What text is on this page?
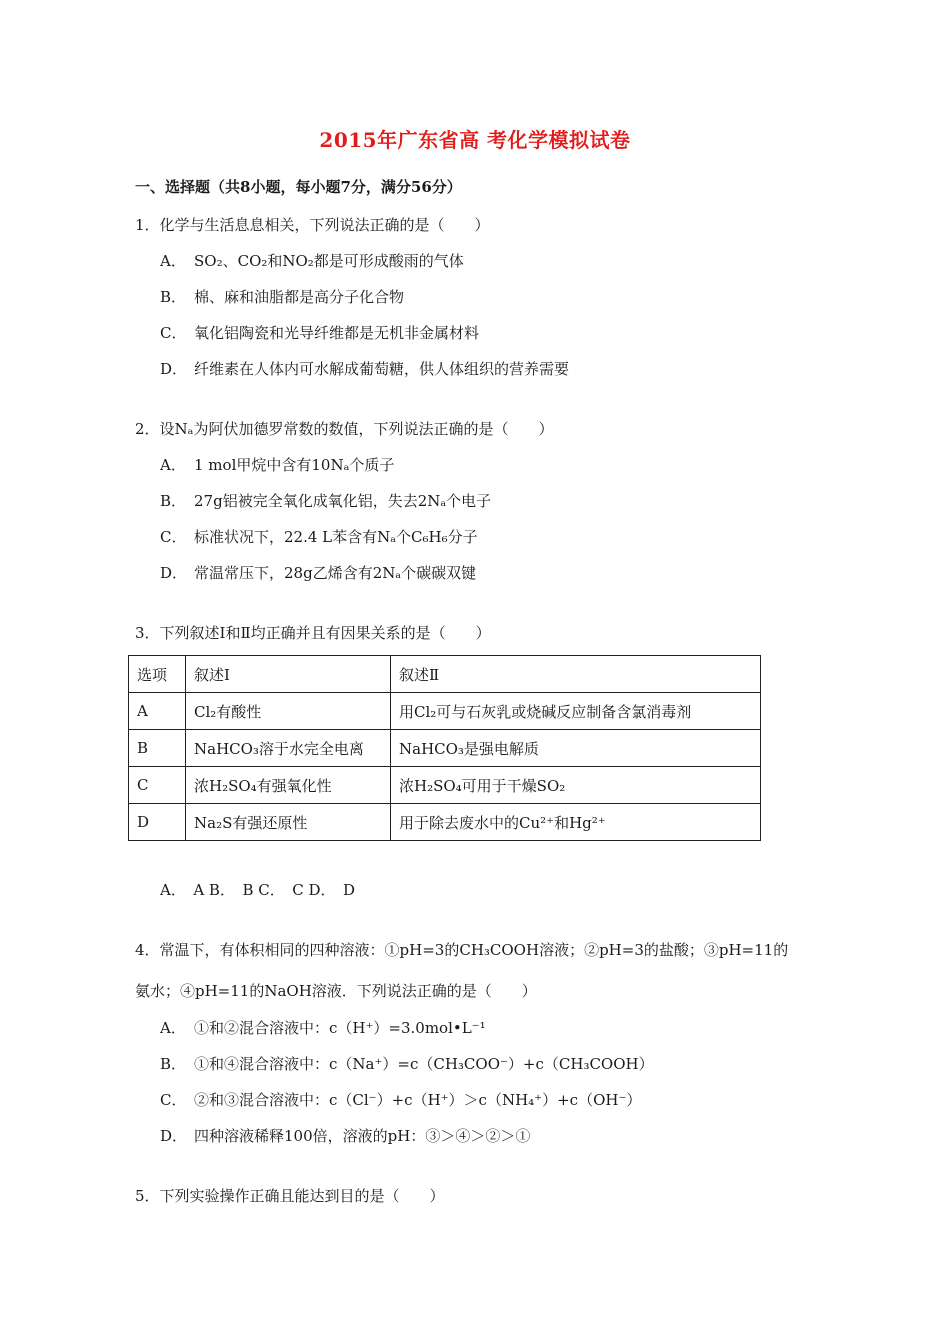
2015年广东省高 考化学模拟试卷
一、选择题（共8小题，每小题7分，满分56分）
1．化学与生活息息相关，下列说法正确的是（　　）
A． SO₂、CO₂和NO₂都是可形成酸雨的气体
B． 棉、麻和油脂都是高分子化合物
C． 氧化铝陶瓷和光导纤维都是无机非金属材料
D． 纤维素在人体内可水解成葡萄糖，供人体组织的营养需要
2．设Nₐ为阿伏加德罗常数的数值，下列说法正确的是（　　）
A． 1 mol甲烷中含有10Nₐ个质子
B． 27g铝被完全氧化成氧化铝，失去2Nₐ个电子
C． 标准状况下，22.4 L苯含有Nₐ个C₆H₆分子
D． 常温常压下，28g乙烯含有2Nₐ个碳碳双键
3．下列叙述Ⅰ和Ⅱ均正确并且有因果关系的是（　　）
选项	叙述Ⅰ	叙述Ⅱ
A	Cl₂有酸性	用Cl₂可与石灰乳或烧碱反应制备含氯消毒剂
B	NaHCO₃溶于水完全电离	NaHCO₃是强电解质
C	浓H₂SO₄有强氧化性	浓H₂SO₄可用于干燥SO₂
D	Na₂S有强还原性	用于除去废水中的Cu²⁺和Hg²⁺
A．　A B．　B C．　C D．　D
4．常温下，有体积相同的四种溶液：①pH=3的CH₃COOH溶液；②pH=3的盐酸；③pH=11的
氨水；④pH=11的NaOH溶液．下列说法正确的是（　　）
A． ①和②混合溶液中：c（H⁺）=3.0mol•L⁻¹
B． ①和④混合溶液中：c（Na⁺）=c（CH₃COO⁻）+c（CH₃COOH）
C． ②和③混合溶液中：c（Cl⁻）+c（H⁺）＞c（NH₄⁺）+c（OH⁻）
D． 四种溶液稀释100倍，溶液的pH：③＞④＞②＞①
5．下列实验操作正确且能达到目的是（　　）
